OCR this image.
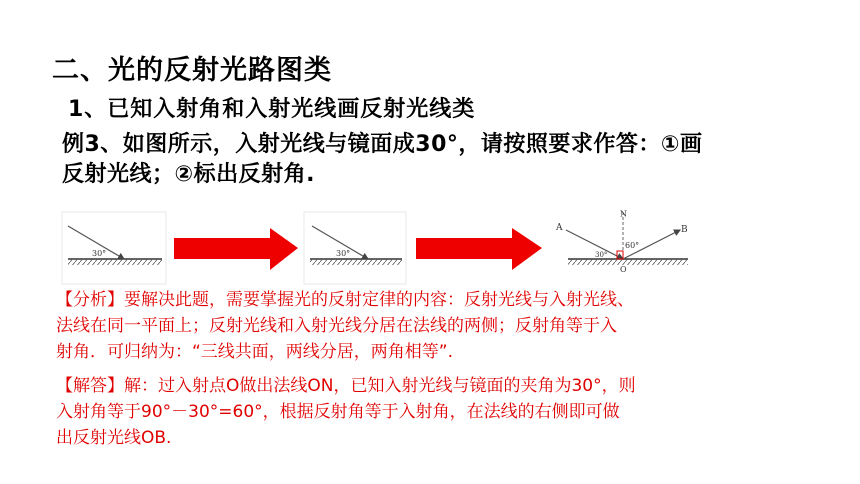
二、光的反射光路图类
1、已知入射角和入射光线画反射光线类
例3、如图所示，入射光线与镜面成30°，请按照要求作答：①画
反射光线；②标出反射角.
30°	30°
A	B
N
O
60°
30°
【分析】要解决此题，需要掌握光的反射定律的内容：反射光线与入射光线、
法线在同一平面上；反射光线和入射光线分居在法线的两侧；反射角等于入
射角．可归纳为：“三线共面，两线分居，两角相等”.
【解答】解：过入射点O做出法线ON，已知入射光线与镜面的夹角为30°，则
入射角等于90°－30°=60°，根据反射角等于入射角，在法线的右侧即可做
出反射光线OB.
